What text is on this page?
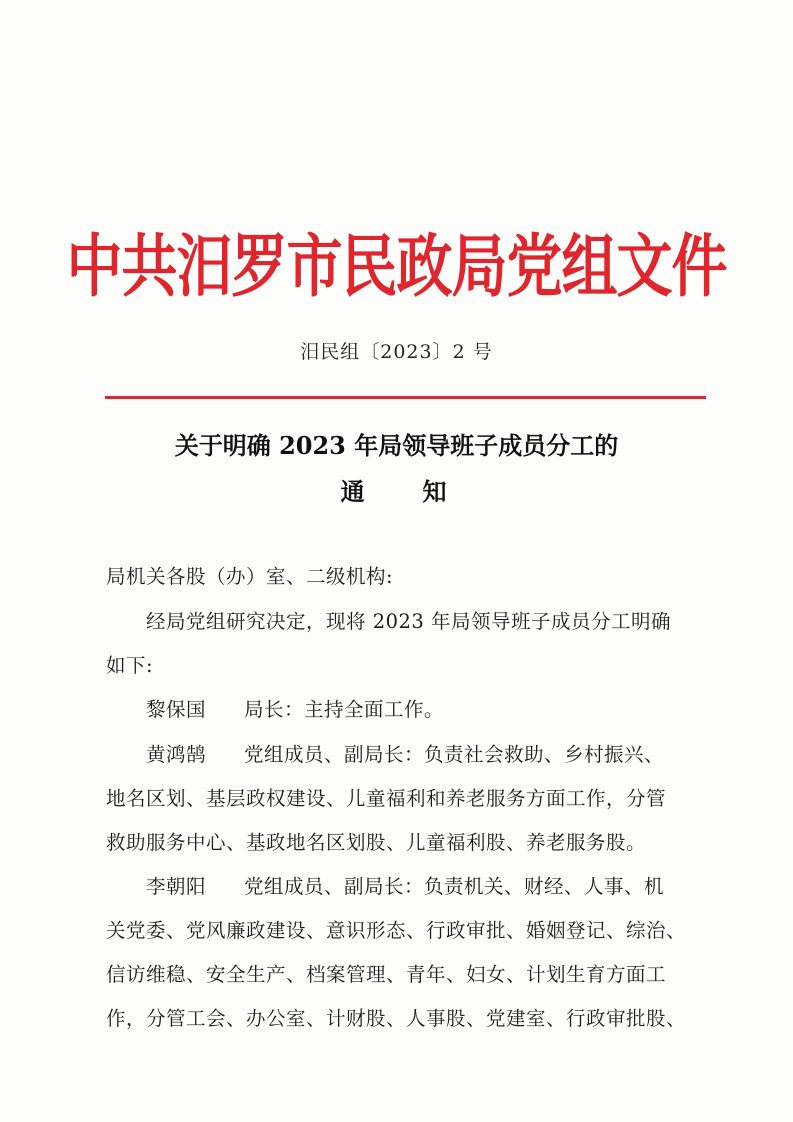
中共汨罗市民政局党组文件
汨民组〔2023〕2 号
关于明确 2023 年局领导班子成员分工的
通知
局机关各股（办）室、二级机构:
经局党组研究决定，现将 2023 年局领导班子成员分工明确
如下:
黎保国 局长：主持全面工作。
黄鸿鹄 党组成员、副局长：负责社会救助、乡村振兴、
地名区划、基层政权建设、儿童福利和养老服务方面工作，分管
救助服务中心、基政地名区划股、儿童福利股、养老服务股。
李朝阳 党组成员、副局长：负责机关、财经、人事、机
关党委、党风廉政建设、意识形态、行政审批、婚姻登记、综治、
信访维稳、安全生产、档案管理、青年、妇女、计划生育方面工
作，分管工会、办公室、计财股、人事股、党建室、行政审批股、
